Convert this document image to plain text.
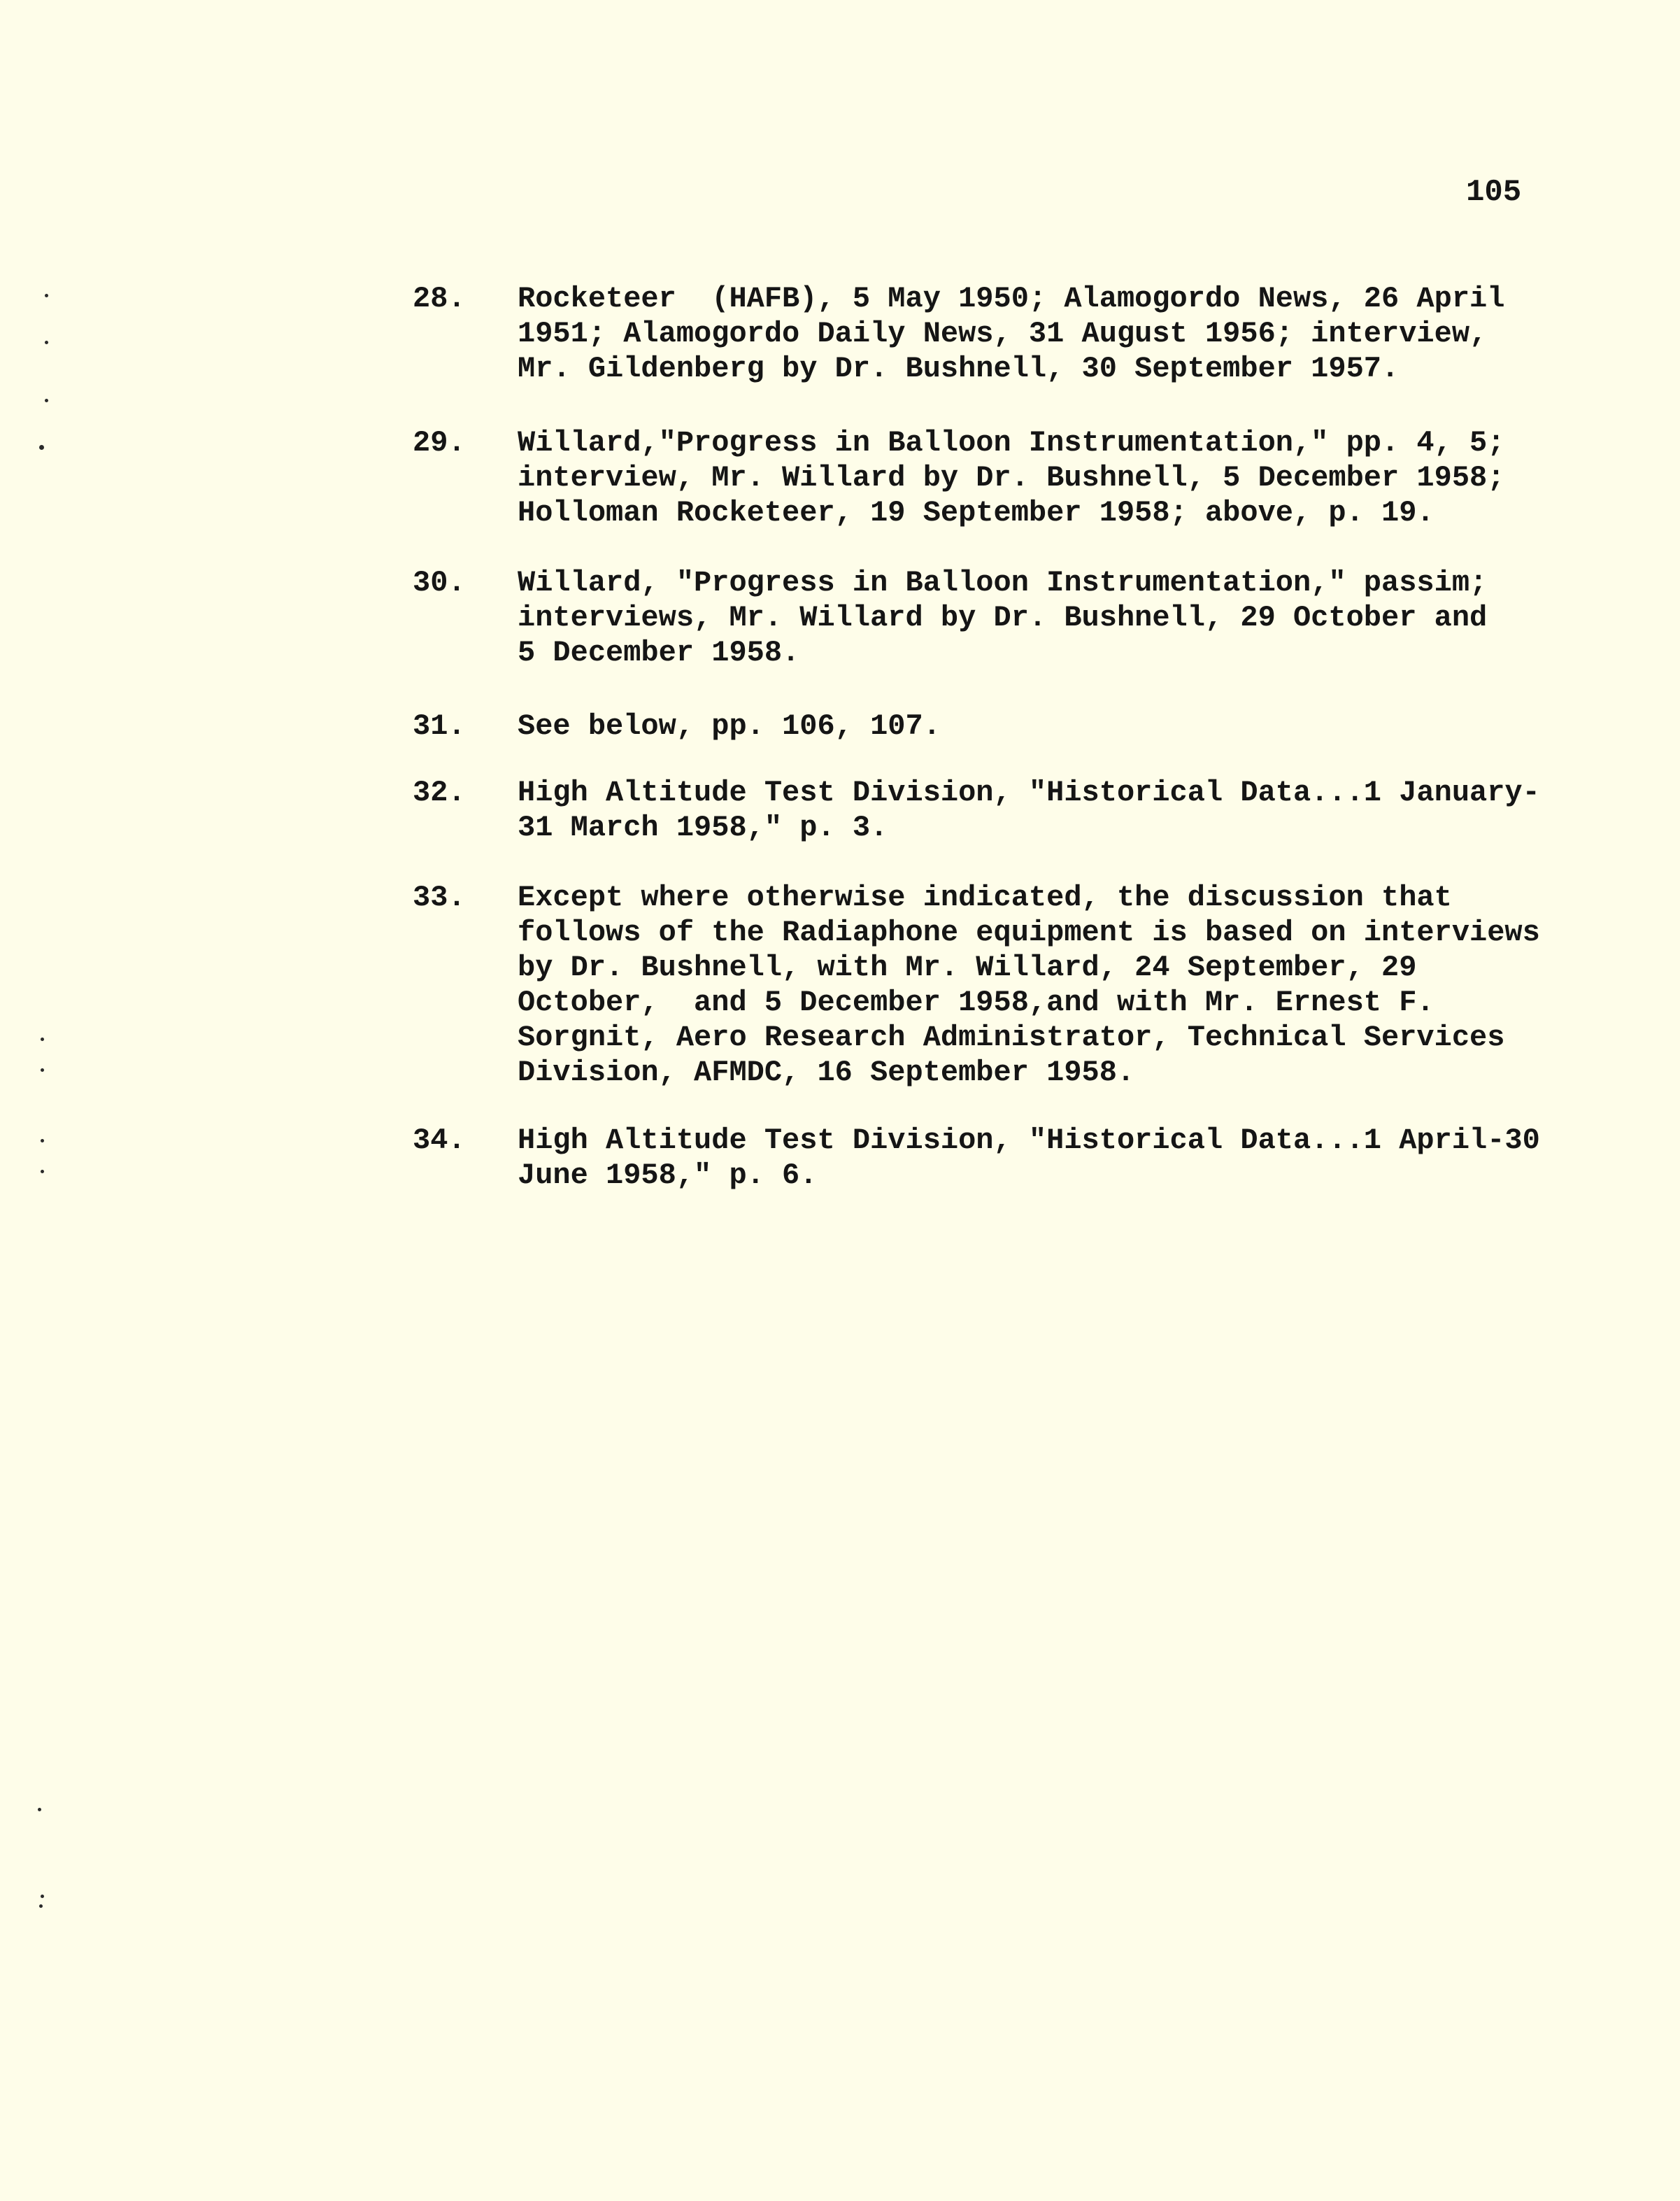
105
28. Rocketeer  (HAFB), 5 May 1950; Alamogordo News, 26 April
1951; Alamogordo Daily News, 31 August 1956; interview,
Mr. Gildenberg by Dr. Bushnell, 30 September 1957.
29. Willard,"Progress in Balloon Instrumentation," pp. 4, 5;
interview, Mr. Willard by Dr. Bushnell, 5 December 1958;
Holloman Rocketeer, 19 September 1958; above, p. 19.
30. Willard, "Progress in Balloon Instrumentation," passim;
interviews, Mr. Willard by Dr. Bushnell, 29 October and
5 December 1958.
31. See below, pp. 106, 107.
32. High Altitude Test Division, "Historical Data...1 January-
31 March 1958," p. 3.
33. Except where otherwise indicated, the discussion that
follows of the Radiaphone equipment is based on interviews
by Dr. Bushnell, with Mr. Willard, 24 September, 29
October,  and 5 December 1958,and with Mr. Ernest F.
Sorgnit, Aero Research Administrator, Technical Services
Division, AFMDC, 16 September 1958.
34. High Altitude Test Division, "Historical Data...1 April-30
June 1958," p. 6.
